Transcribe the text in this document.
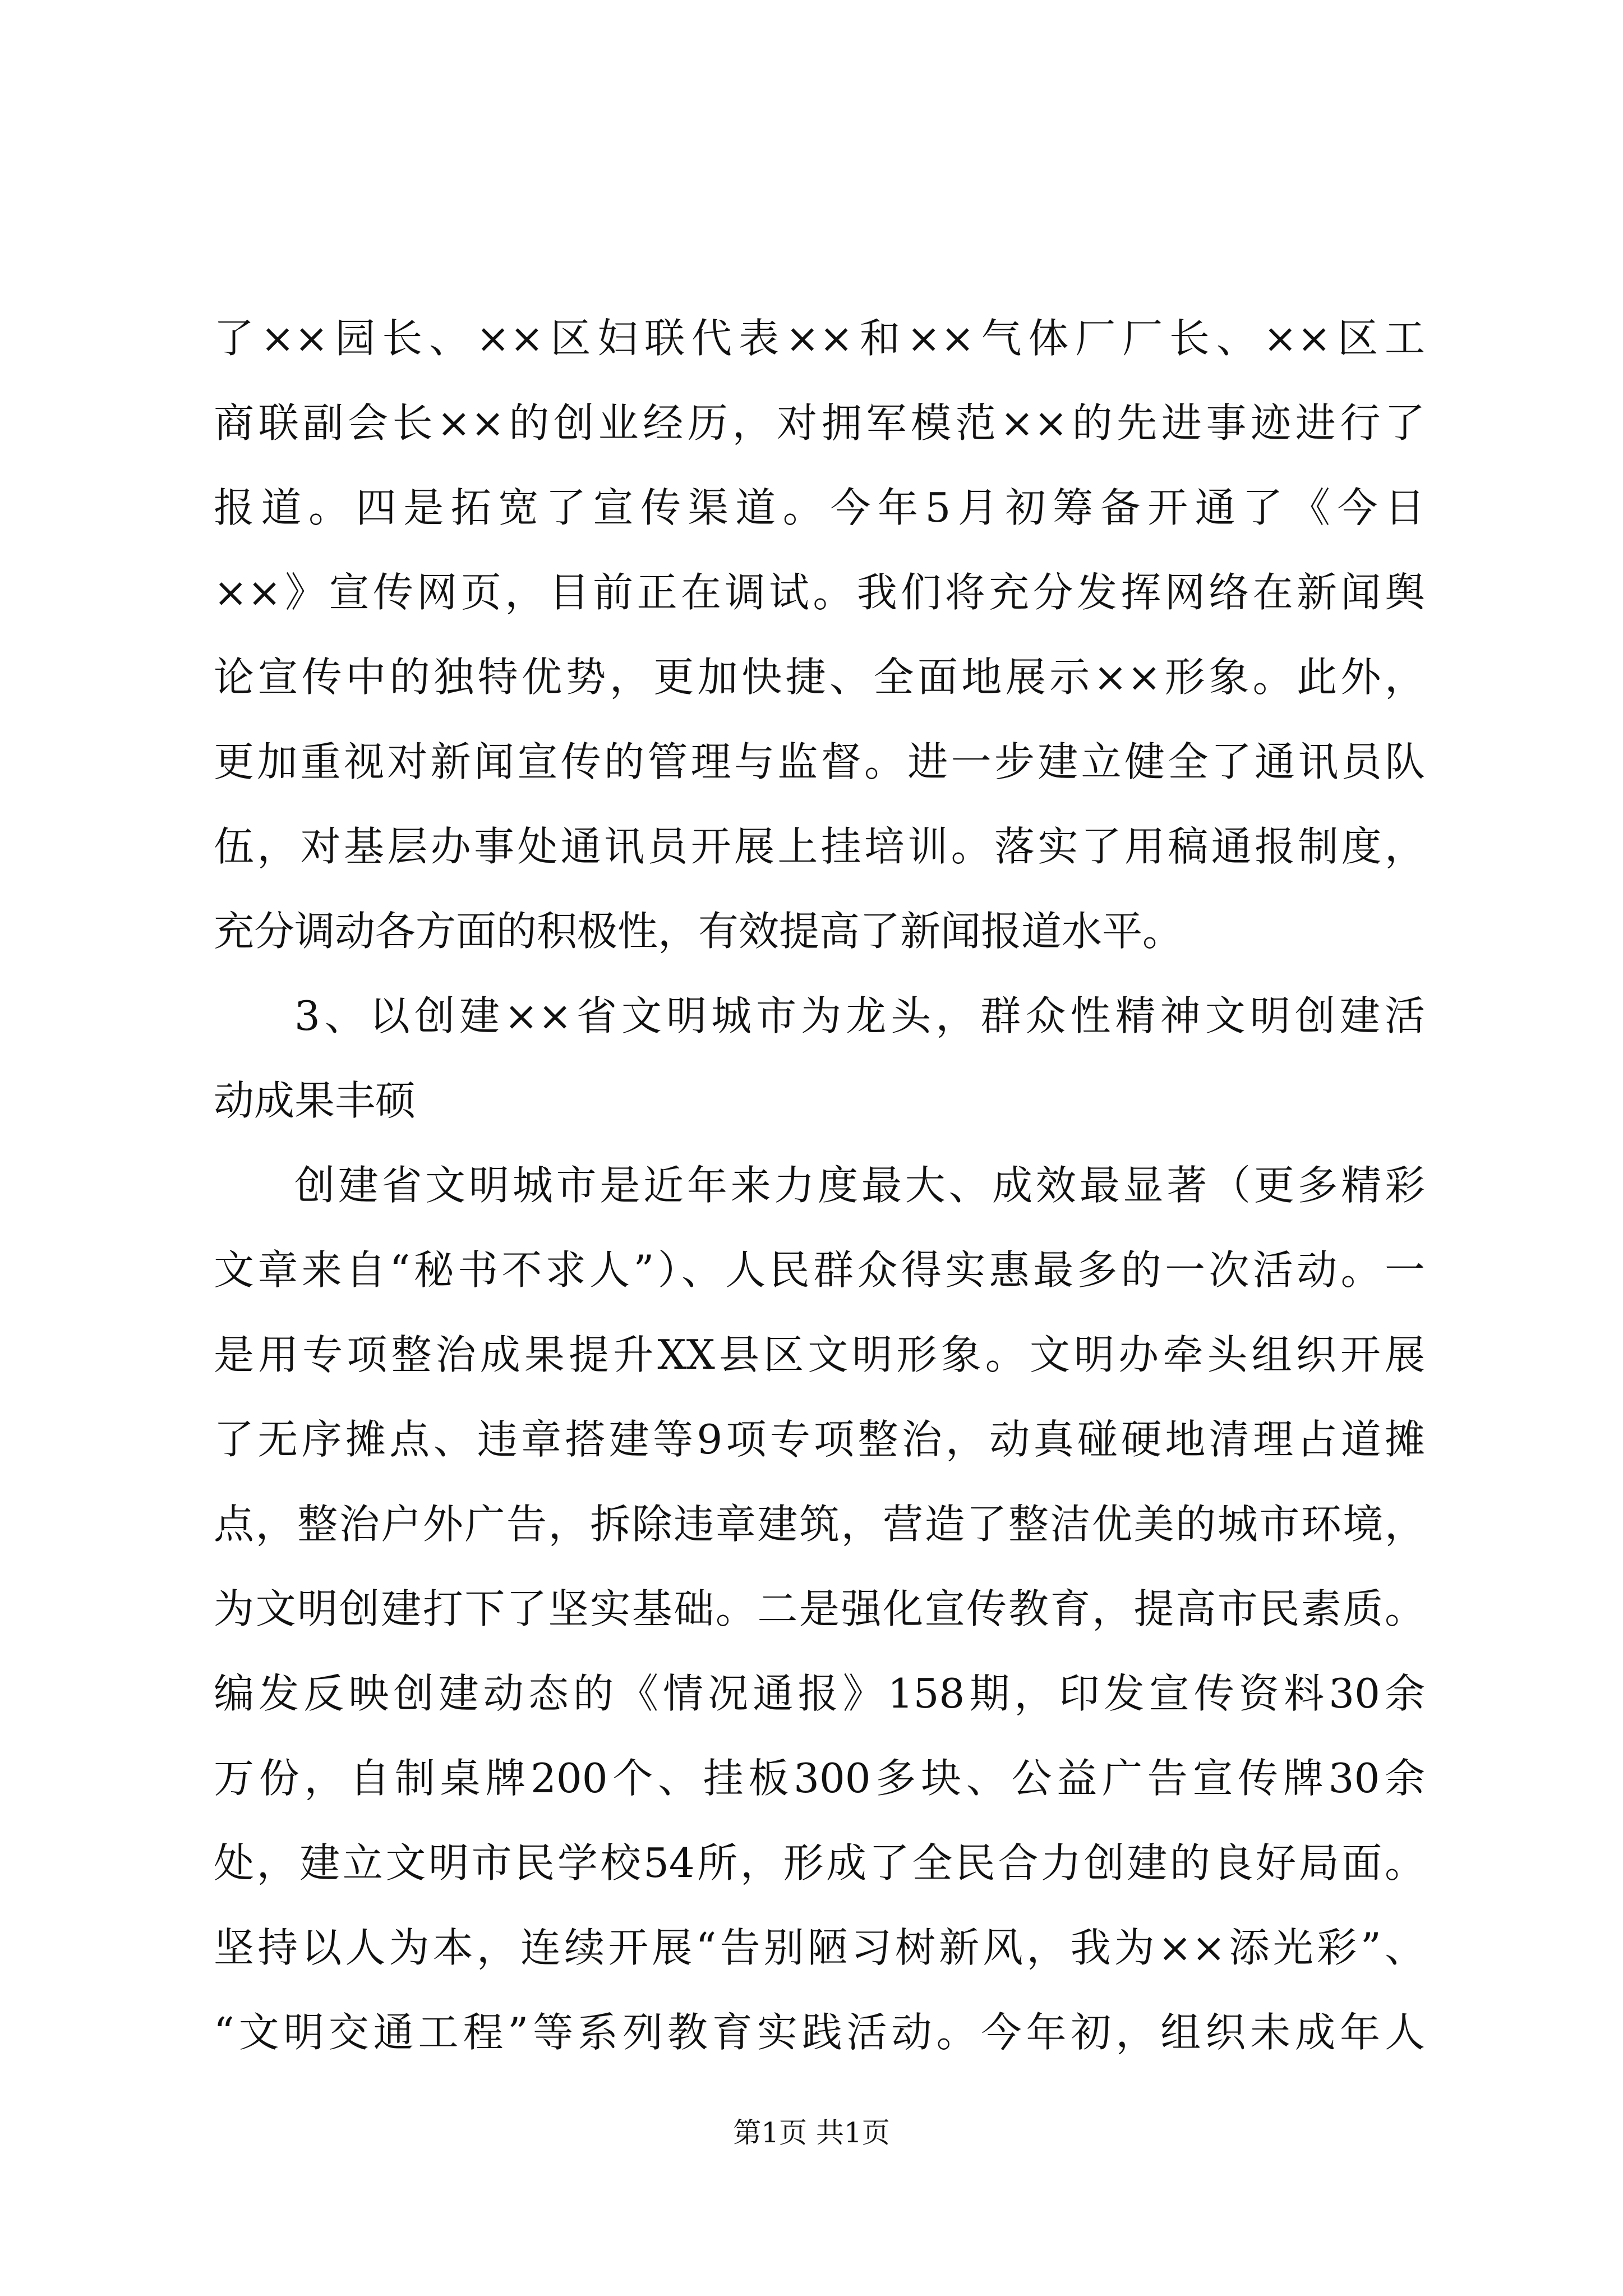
了××园长、××区妇联代表××和××气体厂厂长、××区工
商联副会长××的创业经历，对拥军模范××的先进事迹进行了
报道。四是拓宽了宣传渠道。今年5月初筹备开通了《今日
××》宣传网页，目前正在调试。我们将充分发挥网络在新闻舆
论宣传中的独特优势，更加快捷、全面地展示××形象。此外，
更加重视对新闻宣传的管理与监督。进一步建立健全了通讯员队
伍，对基层办事处通讯员开展上挂培训。落实了用稿通报制度，
充分调动各方面的积极性，有效提高了新闻报道水平。
3、以创建××省文明城市为龙头，群众性精神文明创建活
动成果丰硕
创建省文明城市是近年来力度最大、成效最显著（更多精彩
文章来自“秘书不求人”）、人民群众得实惠最多的一次活动。一
是用专项整治成果提升XX县区文明形象。文明办牵头组织开展
了无序摊点、违章搭建等9项专项整治，动真碰硬地清理占道摊
点，整治户外广告，拆除违章建筑，营造了整洁优美的城市环境，
为文明创建打下了坚实基础。二是强化宣传教育，提高市民素质。
编发反映创建动态的《情况通报》158期，印发宣传资料30余
万份，自制桌牌200个、挂板300多块、公益广告宣传牌30余
处，建立文明市民学校54所，形成了全民合力创建的良好局面。
坚持以人为本，连续开展“告别陋习树新风，我为××添光彩”、
“文明交通工程”等系列教育实践活动。今年初，组织未成年人
第1页 共1页
